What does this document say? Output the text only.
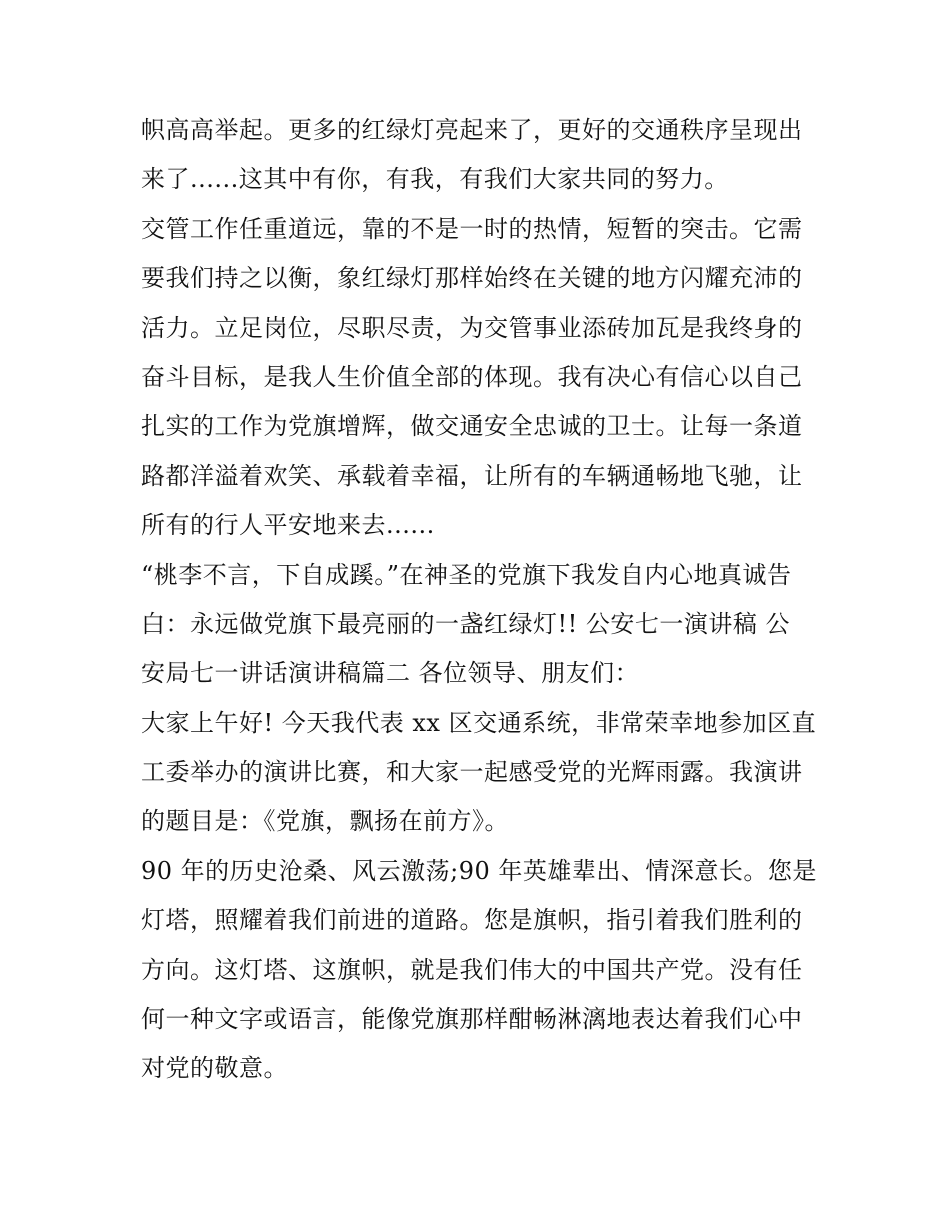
帜高高举起。更多的红绿灯亮起来了，更好的交通秩序呈现出
来了......这其中有你，有我，有我们大家共同的努力。
交管工作任重道远，靠的不是一时的热情，短暂的突击。它需
要我们持之以衡，象红绿灯那样始终在关键的地方闪耀充沛的
活力。立足岗位，尽职尽责，为交管事业添砖加瓦是我终身的
奋斗目标，是我人生价值全部的体现。我有决心有信心以自己
扎实的工作为党旗增辉，做交通安全忠诚的卫士。让每一条道
路都洋溢着欢笑、承载着幸福，让所有的车辆通畅地飞驰，让
所有的行人平安地来去......
“桃李不言，下自成蹊。”在神圣的党旗下我发自内心地真诚告
白：永远做党旗下最亮丽的一盏红绿灯!! 公安七一演讲稿 公
安局七一讲话演讲稿篇二 各位领导、朋友们：
大家上午好! 今天我代表 xx 区交通系统，非常荣幸地参加区直
工委举办的演讲比赛，和大家一起感受党的光辉雨露。我演讲
的题目是：《党旗，飘扬在前方》。
90 年的历史沧桑、风云激荡;90 年英雄辈出、情深意长。您是
灯塔，照耀着我们前进的道路。您是旗帜，指引着我们胜利的
方向。这灯塔、这旗帜，就是我们伟大的中国共产党。没有任
何一种文字或语言，能像党旗那样酣畅淋漓地表达着我们心中
对党的敬意。
